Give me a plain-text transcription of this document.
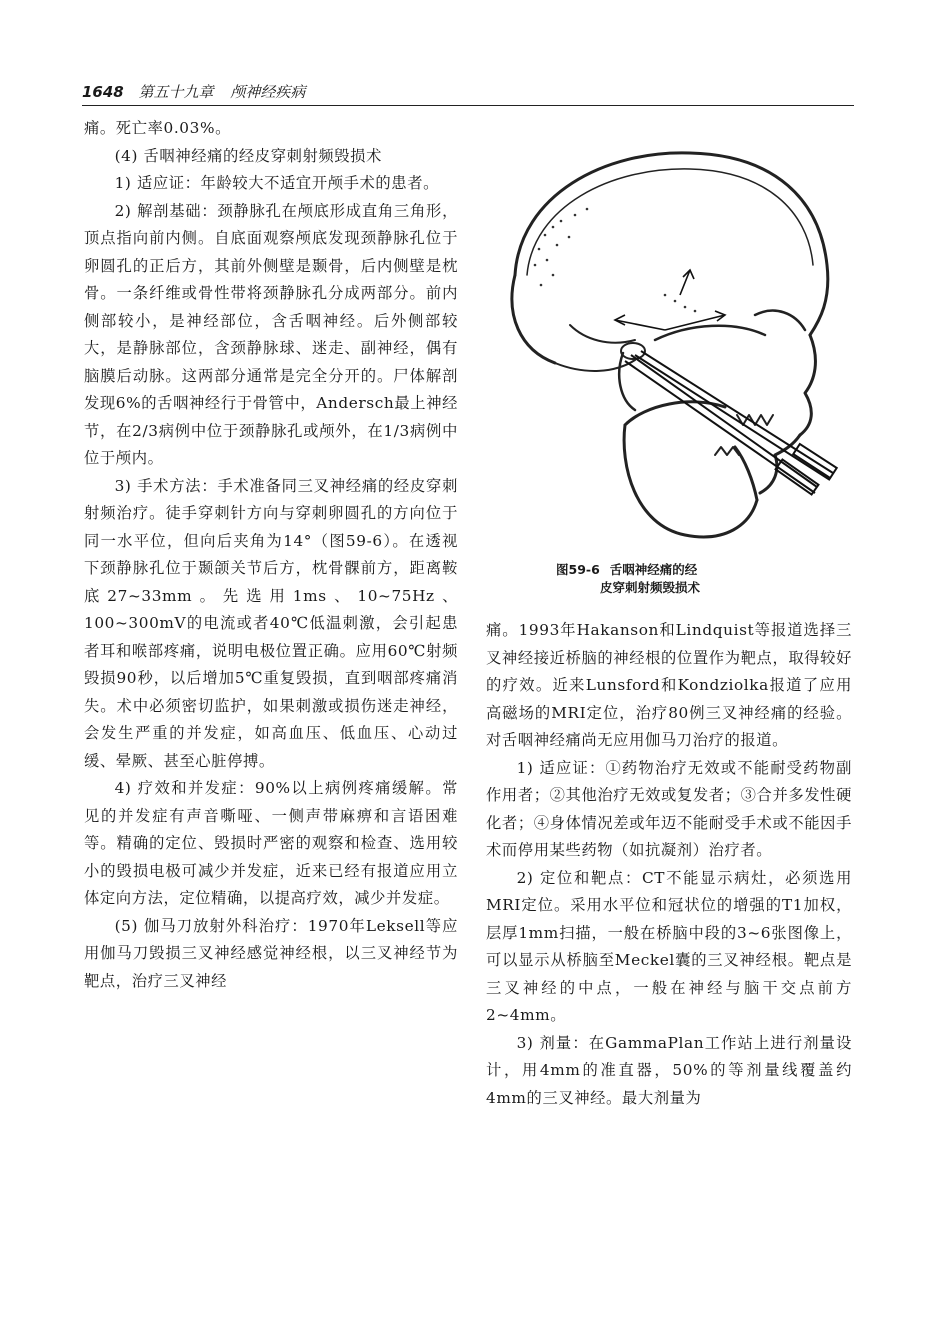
1648 第五十九章 颅神经疾病

痛。死亡率0.03%。

(4) 舌咽神经痛的经皮穿刺射频毁损术

1) 适应证：年龄较大不适宜开颅手术的患者。

2) 解剖基础：颈静脉孔在颅底形成直角三角形，顶点指向前内侧。自底面观察颅底发现颈静脉孔位于卵圆孔的正后方，其前外侧壁是颞骨，后内侧壁是枕骨。一条纤维或骨性带将颈静脉孔分成两部分。前内侧部较小，是神经部位，含舌咽神经。后外侧部较大，是静脉部位，含颈静脉球、迷走、副神经，偶有脑膜后动脉。这两部分通常是完全分开的。尸体解剖发现6%的舌咽神经行于骨管中，Andersch最上神经节，在2/3病例中位于颈静脉孔或颅外，在1/3病例中位于颅内。

3) 手术方法：手术准备同三叉神经痛的经皮穿刺射频治疗。徒手穿刺针方向与穿刺卵圆孔的方向位于同一水平位，但向后夹角为14°（图59-6）。在透视下颈静脉孔位于颞颌关节后方，枕骨髁前方，距离鞍底27~33mm。先选用1ms、10~75Hz、100~300mV的电流或者40℃低温刺激，会引起患者耳和喉部疼痛，说明电极位置正确。应用60℃射频毁损90秒，以后增加5℃重复毁损，直到咽部疼痛消失。术中必须密切监护，如果刺激或损伤迷走神经，会发生严重的并发症，如高血压、低血压、心动过缓、晕厥、甚至心脏停搏。

4) 疗效和并发症：90%以上病例疼痛缓解。常见的并发症有声音嘶哑、一侧声带麻痹和言语困难等。精确的定位、毁损时严密的观察和检查、选用较小的毁损电极可减少并发症，近来已经有报道应用立体定向方法，定位精确，以提高疗效，减少并发症。

(5) 伽马刀放射外科治疗：1970年Leksell等应用伽马刀毁损三叉神经感觉神经根，以三叉神经节为靶点，治疗三叉神经

图59-6 舌咽神经痛的经
皮穿刺射频毁损术

痛。1993年Hakanson和Lindquist等报道选择三叉神经接近桥脑的神经根的位置作为靶点，取得较好的疗效。近来Lunsford和Kondziolka报道了应用高磁场的MRI定位，治疗80例三叉神经痛的经验。对舌咽神经痛尚无应用伽马刀治疗的报道。

1) 适应证：①药物治疗无效或不能耐受药物副作用者；②其他治疗无效或复发者；③合并多发性硬化者；④身体情况差或年迈不能耐受手术或不能因手术而停用某些药物（如抗凝剂）治疗者。

2) 定位和靶点：CT不能显示病灶，必须选用MRI定位。采用水平位和冠状位的增强的T1加权，层厚1mm扫描，一般在桥脑中段的3~6张图像上，可以显示从桥脑至Meckel囊的三叉神经根。靶点是三叉神经的中点，一般在神经与脑干交点前方2~4mm。

3) 剂量：在GammaPlan工作站上进行剂量设计，用4mm的准直器，50%的等剂量线覆盖约4mm的三叉神经。最大剂量为
